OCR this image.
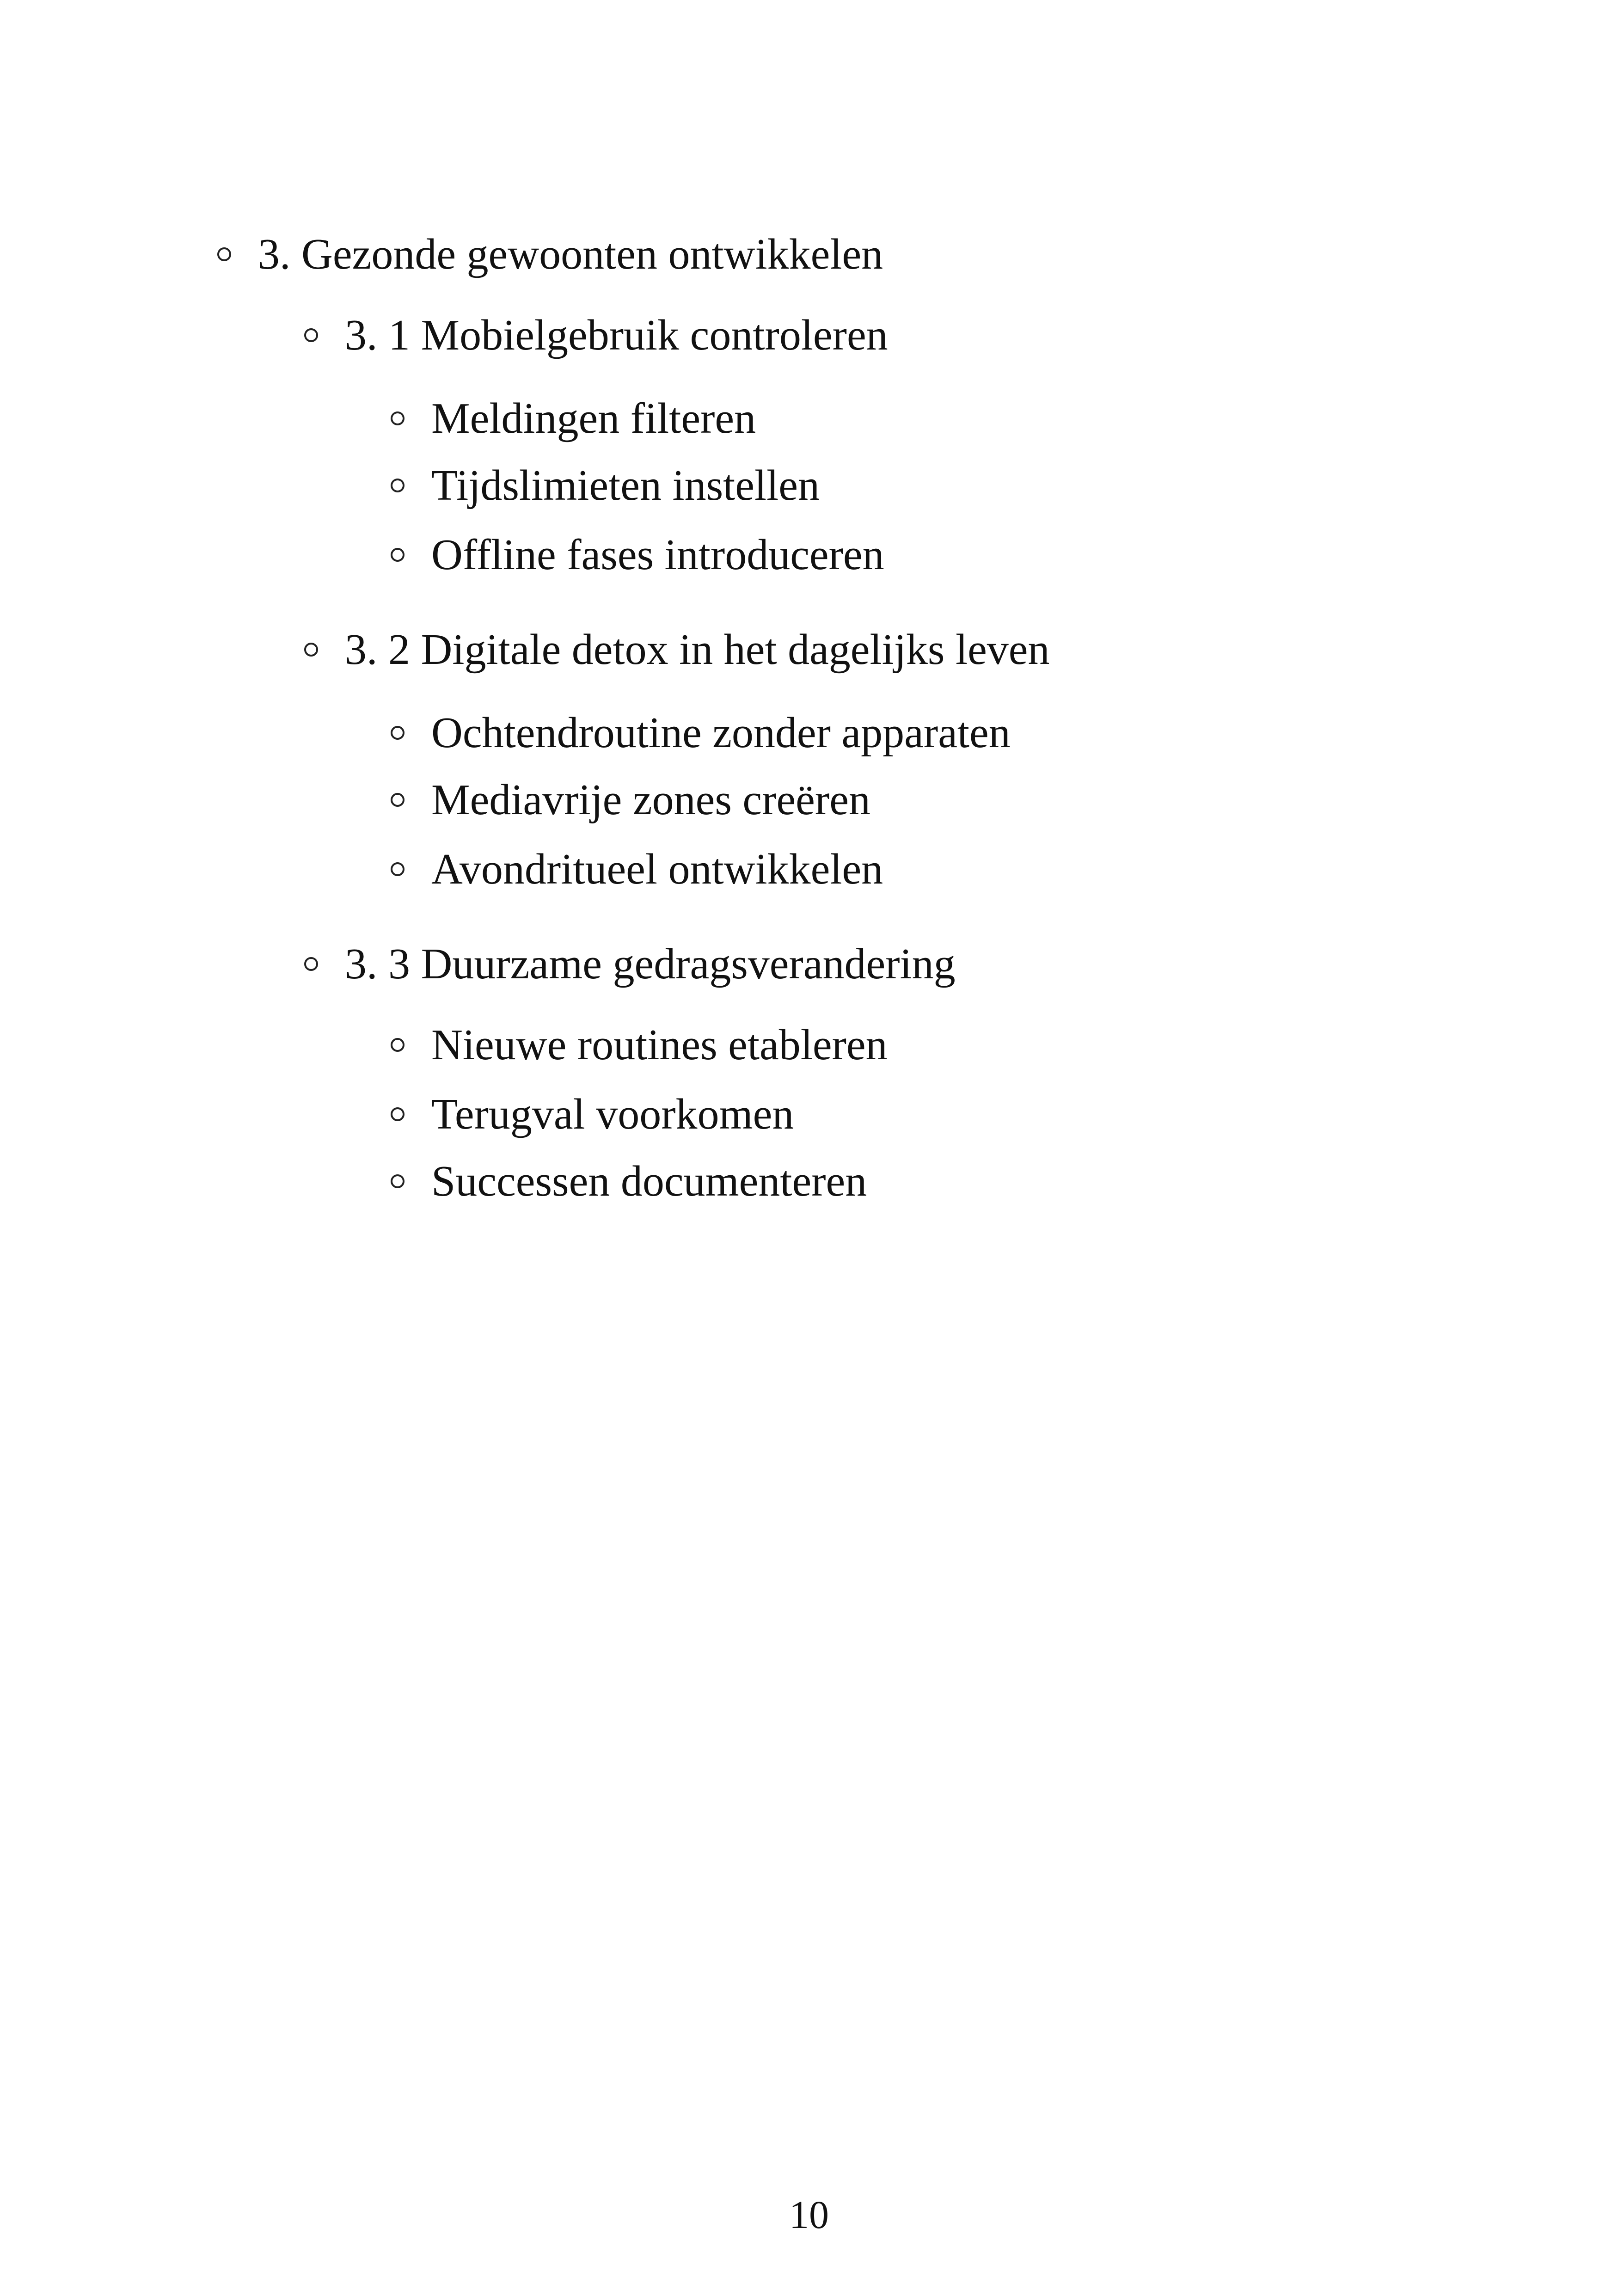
3. Gezonde gewoonten ontwikkelen
3. 1 Mobielgebruik controleren
Meldingen filteren
Tijdslimieten instellen
Offline fases introduceren
3. 2 Digitale detox in het dagelijks leven
Ochtendroutine zonder apparaten
Mediavrije zones creëren
Avondritueel ontwikkelen
3. 3 Duurzame gedragsverandering
Nieuwe routines etableren
Terugval voorkomen
Successen documenteren
10
